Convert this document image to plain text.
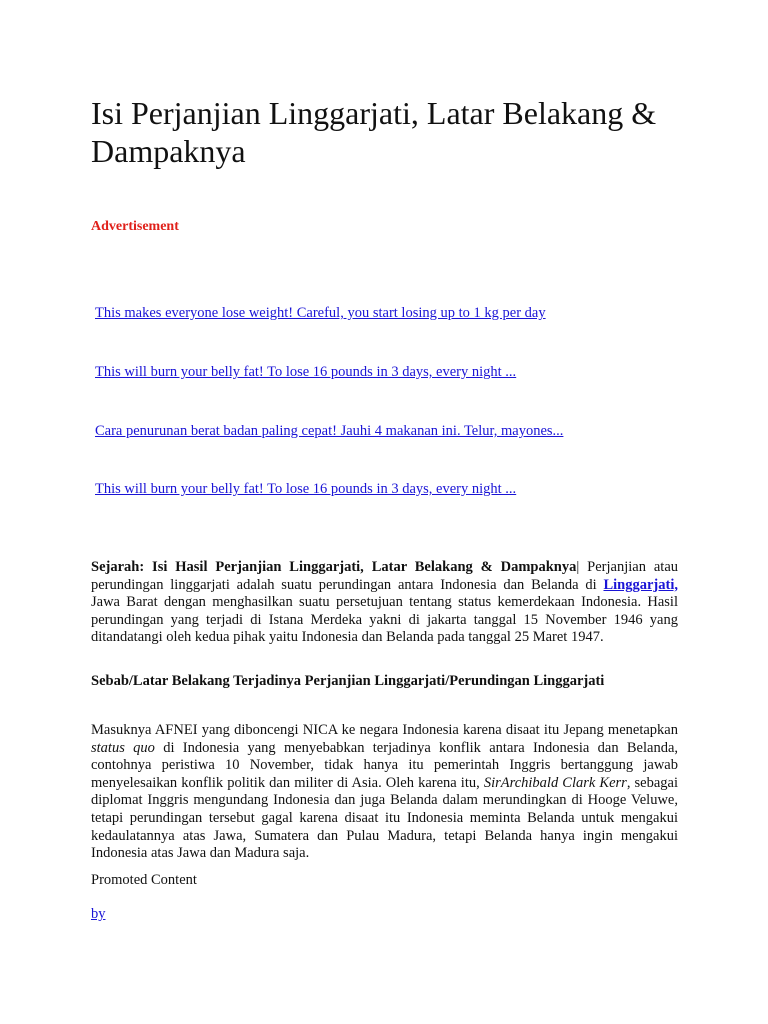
Isi Perjanjian Linggarjati, Latar Belakang & Dampaknya
Advertisement
This makes everyone lose weight! Careful, you start losing up to 1 kg per day
This will burn your belly fat! To lose 16 pounds in 3 days, every night ...
Cara penurunan berat badan paling cepat! Jauhi 4 makanan ini. Telur, mayones...
This will burn your belly fat! To lose 16 pounds in 3 days, every night ...

Sejarah: Isi Hasil Perjanjian Linggarjati, Latar Belakang & Dampaknya| Perjanjian atau perundingan linggarjati adalah suatu perundingan antara Indonesia dan Belanda di Linggarjati, Jawa Barat dengan menghasilkan suatu persetujuan tentang status kemerdekaan Indonesia. Hasil perundingan yang terjadi di Istana Merdeka yakni di jakarta tanggal 15 November 1946 yang ditandatangi oleh kedua pihak yaitu Indonesia dan Belanda pada tanggal 25 Maret 1947.

Sebab/Latar Belakang Terjadinya Perjanjian Linggarjati/Perundingan Linggarjati

Masuknya AFNEI yang diboncengi NICA ke negara Indonesia karena disaat itu Jepang menetapkan status quo di Indonesia yang menyebabkan terjadinya konflik antara Indonesia dan Belanda, contohnya peristiwa 10 November, tidak hanya itu pemerintah Inggris bertanggung jawab menyelesaikan konflik politik dan militer di Asia. Oleh karena itu, SirArchibald Clark Kerr, sebagai diplomat Inggris mengundang Indonesia dan juga Belanda dalam merundingkan di Hooge Veluwe, tetapi perundingan tersebut gagal karena disaat itu Indonesia meminta Belanda untuk mengakui kedaulatannya atas Jawa, Sumatera dan Pulau Madura, tetapi Belanda hanya ingin mengakui Indonesia atas Jawa dan Madura saja.

Promoted Content
by
